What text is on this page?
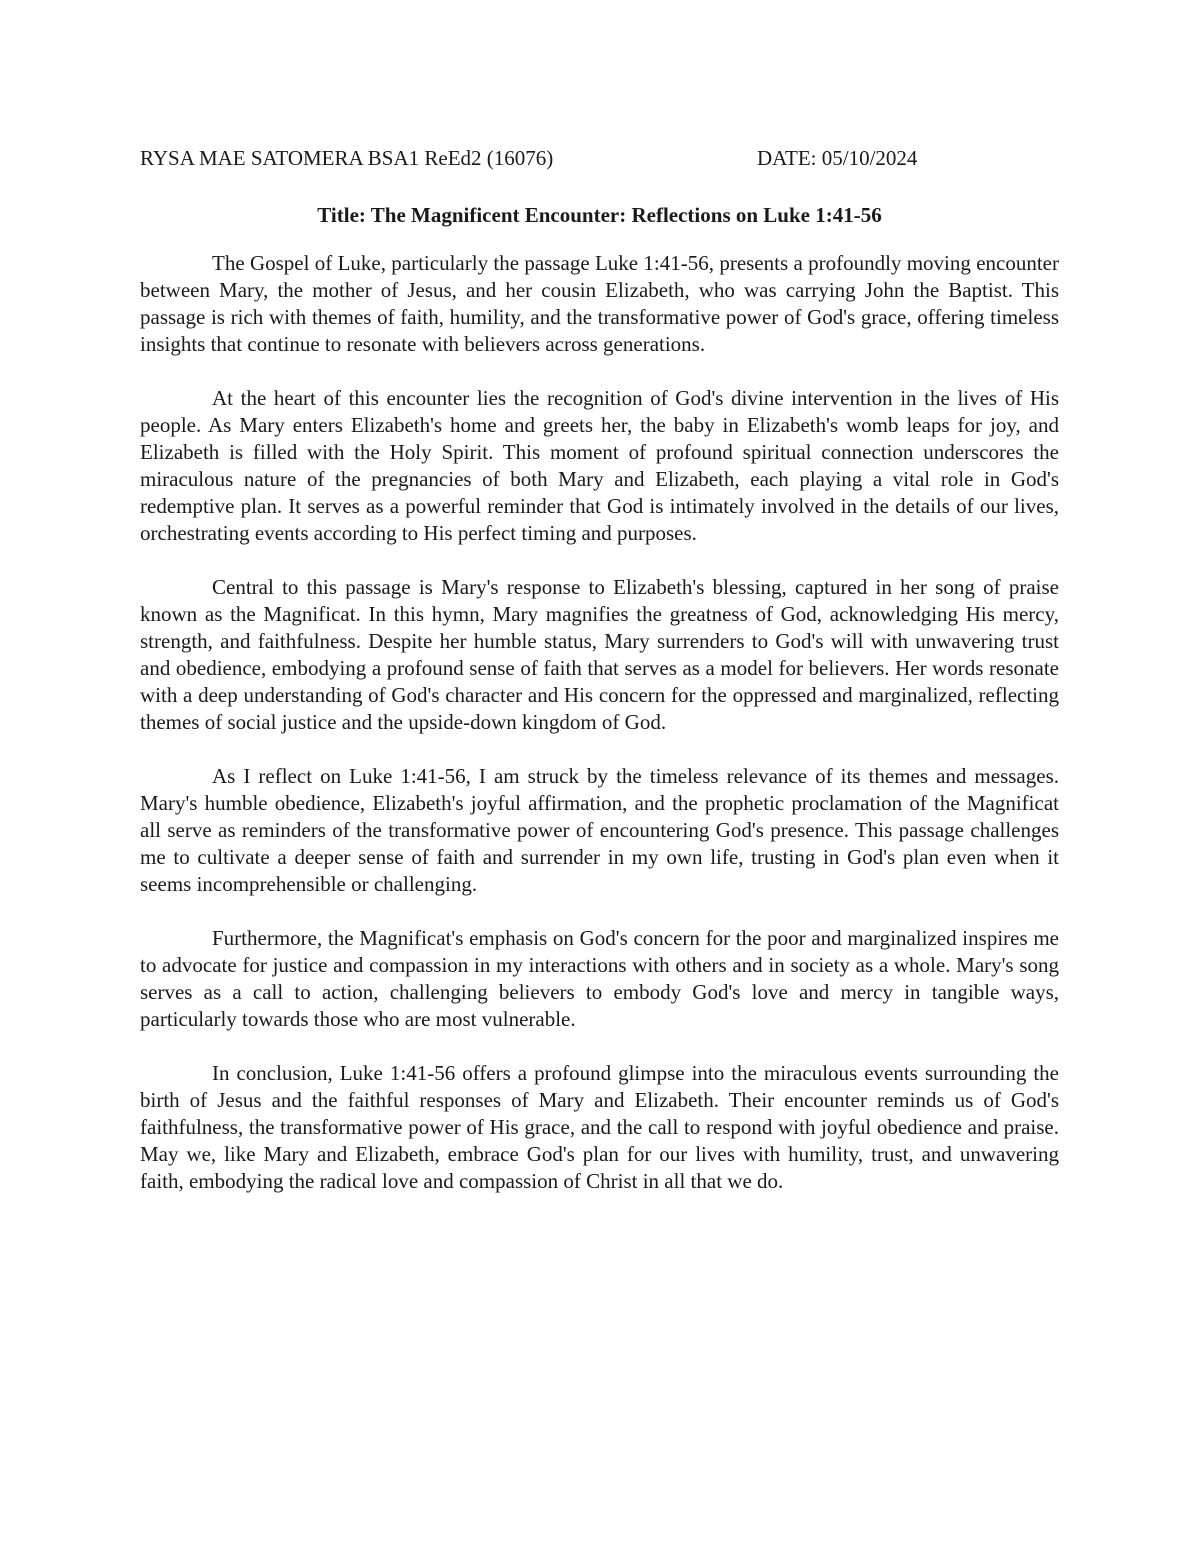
RYSA MAE SATOMERA BSA1 ReEd2 (16076)	DATE: 05/10/2024
Title: The Magnificent Encounter: Reflections on Luke 1:41-56

The Gospel of Luke, particularly the passage Luke 1:41-56, presents a profoundly moving encounter between Mary, the mother of Jesus, and her cousin Elizabeth, who was carrying John the Baptist. This passage is rich with themes of faith, humility, and the transformative power of God's grace, offering timeless insights that continue to resonate with believers across generations.

At the heart of this encounter lies the recognition of God's divine intervention in the lives of His people. As Mary enters Elizabeth's home and greets her, the baby in Elizabeth's womb leaps for joy, and Elizabeth is filled with the Holy Spirit. This moment of profound spiritual connection underscores the miraculous nature of the pregnancies of both Mary and Elizabeth, each playing a vital role in God's redemptive plan. It serves as a powerful reminder that God is intimately involved in the details of our lives, orchestrating events according to His perfect timing and purposes.

Central to this passage is Mary's response to Elizabeth's blessing, captured in her song of praise known as the Magnificat. In this hymn, Mary magnifies the greatness of God, acknowledging His mercy, strength, and faithfulness. Despite her humble status, Mary surrenders to God's will with unwavering trust and obedience, embodying a profound sense of faith that serves as a model for believers. Her words resonate with a deep understanding of God's character and His concern for the oppressed and marginalized, reflecting themes of social justice and the upside-down kingdom of God.

As I reflect on Luke 1:41-56, I am struck by the timeless relevance of its themes and messages. Mary's humble obedience, Elizabeth's joyful affirmation, and the prophetic proclamation of the Magnificat all serve as reminders of the transformative power of encountering God's presence. This passage challenges me to cultivate a deeper sense of faith and surrender in my own life, trusting in God's plan even when it seems incomprehensible or challenging.

Furthermore, the Magnificat's emphasis on God's concern for the poor and marginalized inspires me to advocate for justice and compassion in my interactions with others and in society as a whole. Mary's song serves as a call to action, challenging believers to embody God's love and mercy in tangible ways, particularly towards those who are most vulnerable.

In conclusion, Luke 1:41-56 offers a profound glimpse into the miraculous events surrounding the birth of Jesus and the faithful responses of Mary and Elizabeth. Their encounter reminds us of God's faithfulness, the transformative power of His grace, and the call to respond with joyful obedience and praise. May we, like Mary and Elizabeth, embrace God's plan for our lives with humility, trust, and unwavering faith, embodying the radical love and compassion of Christ in all that we do.
